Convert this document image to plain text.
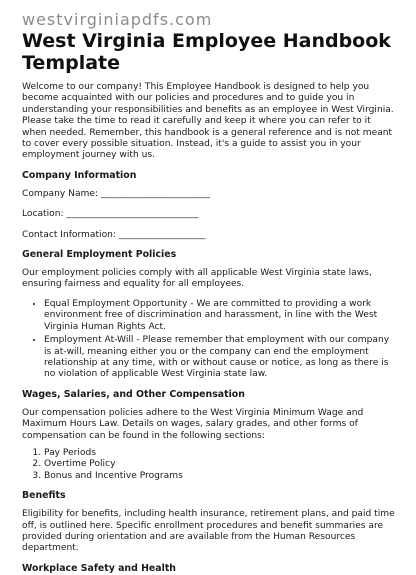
westvirginiapdfs.com
West Virginia Employee Handbook Template

Welcome to our company! This Employee Handbook is designed to help you become acquainted with our policies and procedures and to guide you in understanding your responsibilities and benefits as an employee in West Virginia. Please take the time to read it carefully and keep it where you can refer to it when needed. Remember, this handbook is a general reference and is not meant to cover every possible situation. Instead, it's a guide to assist you in your employment journey with us.

Company Information
Company Name: ________________________
Location: _____________________________
Contact Information: ___________________
General Employment Policies

Our employment policies comply with all applicable West Virginia state laws, ensuring fairness and equality for all employees.

• Equal Employment Opportunity - We are committed to providing a work environment free of discrimination and harassment, in line with the West Virginia Human Rights Act.
• Employment At-Will - Please remember that employment with our company is at-will, meaning either you or the company can end the employment relationship at any time, with or without cause or notice, as long as there is no violation of applicable West Virginia state law.
Wages, Salaries, and Other Compensation

Our compensation policies adhere to the West Virginia Minimum Wage and Maximum Hours Law. Details on wages, salary grades, and other forms of compensation can be found in the following sections:

1. Pay Periods
2. Overtime Policy
3. Bonus and Incentive Programs
Benefits

Eligibility for benefits, including health insurance, retirement plans, and paid time off, is outlined here. Specific enrollment procedures and benefit summaries are provided during orientation and are available from the Human Resources department.

Workplace Safety and Health
